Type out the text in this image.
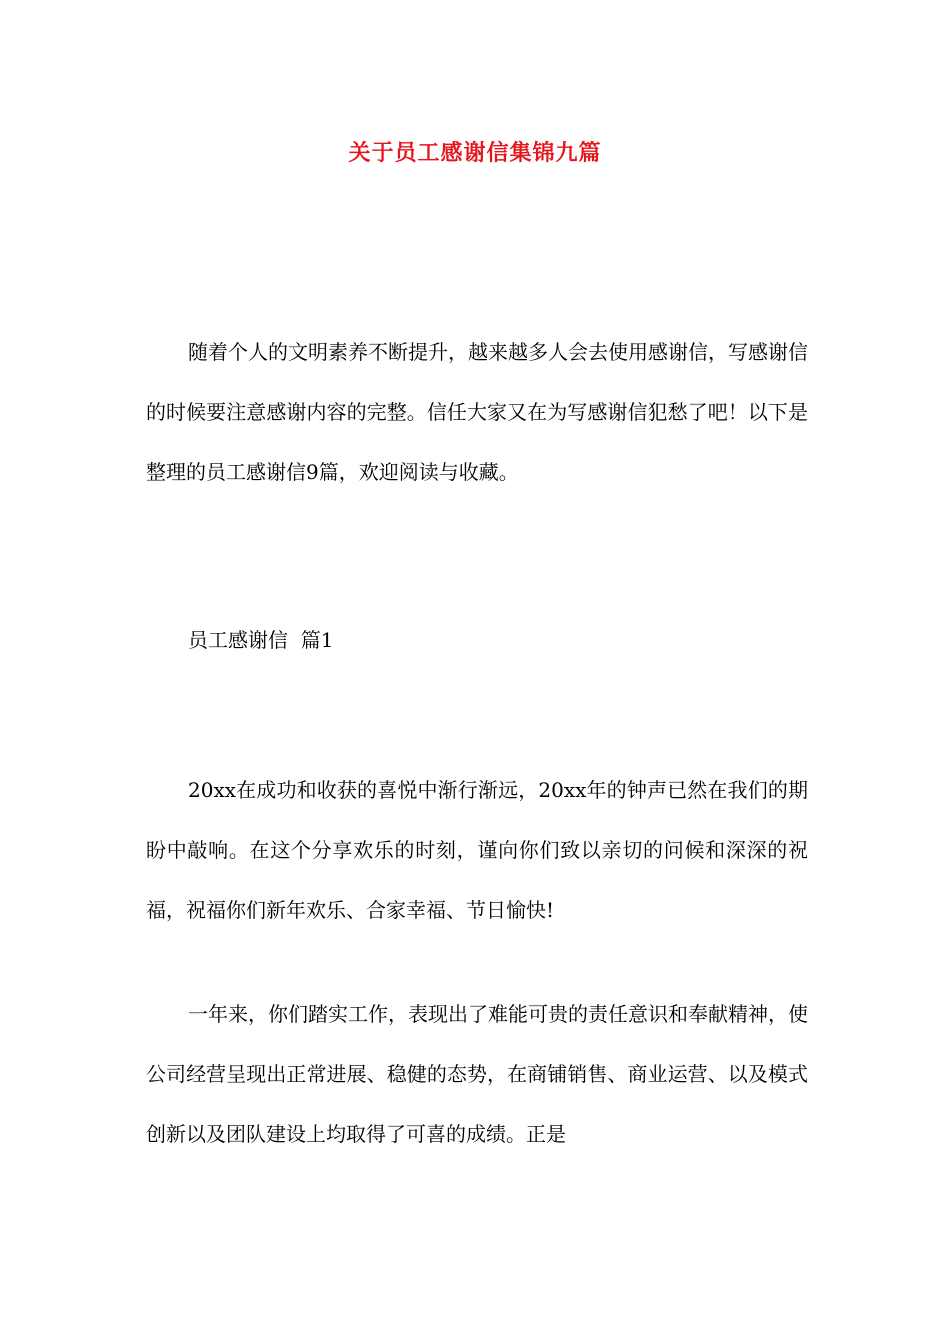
关于员工感谢信集锦九篇
随着个人的文明素养不断提升，越来越多人会去使用感谢信，写感谢信的时候要注意感谢内容的完整。信任大家又在为写感谢信犯愁了吧！以下是整理的员工感谢信9篇，欢迎阅读与收藏。
员工感谢信  篇1
20xx在成功和收获的喜悦中渐行渐远，20xx年的钟声已然在我们的期盼中敲响。在这个分享欢乐的时刻，谨向你们致以亲切的问候和深深的祝福，祝福你们新年欢乐、合家幸福、节日愉快!
一年来，你们踏实工作，表现出了难能可贵的责任意识和奉献精神，使公司经营呈现出正常进展、稳健的态势，在商铺销售、商业运营、以及模式创新以及团队建设上均取得了可喜的成绩。正是
